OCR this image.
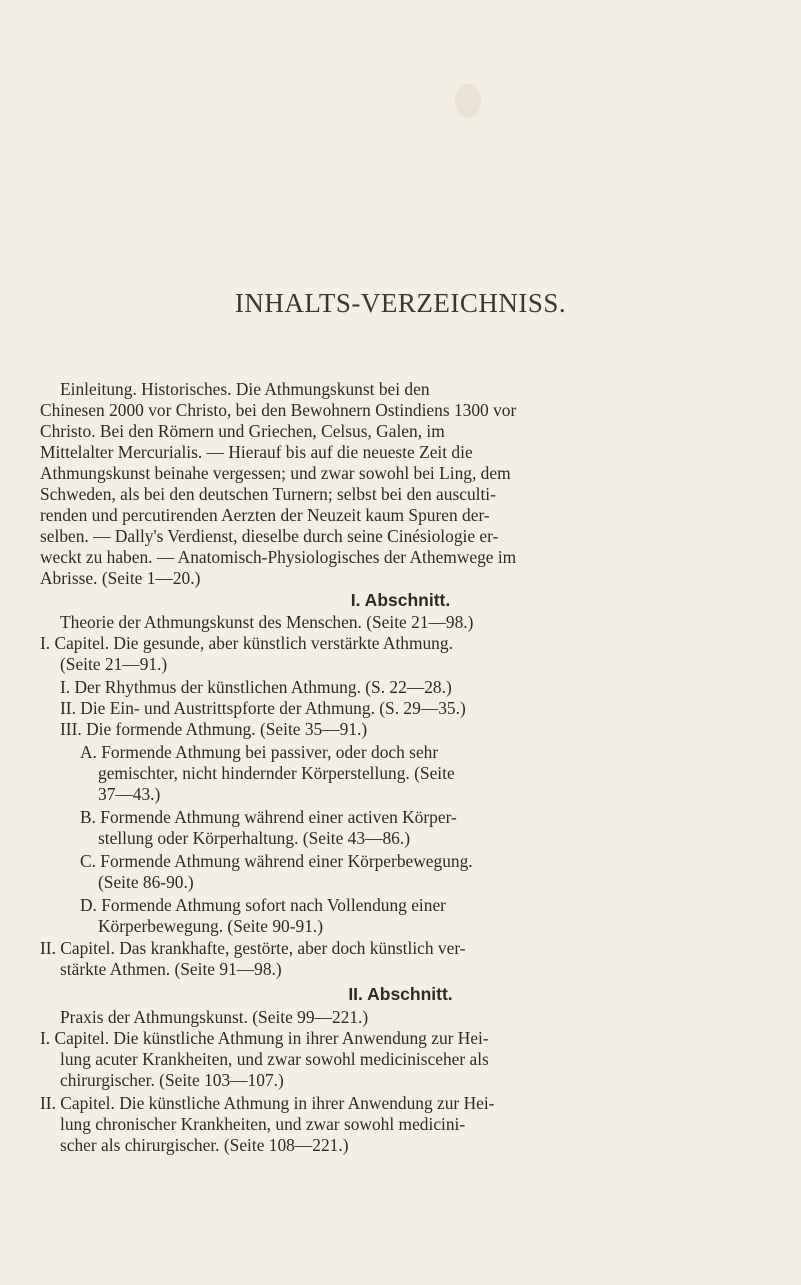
INHALTS-VERZEICHNISS.
Einleitung. Historisches. Die Athmungskunst bei den
Chinesen 2000 vor Christo, bei den Bewohnern Ostindiens 1300 vor
Christo. Bei den Römern und Griechen, Celsus, Galen, im
Mittelalter Mercurialis. — Hierauf bis auf die neueste Zeit die
Athmungskunst beinahe vergessen; und zwar sowohl bei Ling, dem
Schweden, als bei den deutschen Turnern; selbst bei den ausculti-
renden und percutirenden Aerzten der Neuzeit kaum Spuren der-
selben. — Dally's Verdienst, dieselbe durch seine Cinésiologie er-
weckt zu haben. — Anatomisch-Physiologisches der Athemwege im
Abrisse. (Seite 1—20.)
I. Abschnitt.
Theorie der Athmungskunst des Menschen. (Seite 21—98.)
I. Capitel. Die gesunde, aber künstlich verstärkte Athmung.
(Seite 21—91.)
I. Der Rhythmus der künstlichen Athmung. (S. 22—28.)
II. Die Ein- und Austrittspforte der Athmung. (S. 29—35.)
III. Die formende Athmung. (Seite 35—91.)
A. Formende Athmung bei passiver, oder doch sehr
gemischter, nicht hindernder Körperstellung. (Seite
37—43.)
B. Formende Athmung während einer activen Körper-
stellung oder Körperhaltung. (Seite 43—86.)
C. Formende Athmung während einer Körperbewegung.
(Seite 86-90.)
D. Formende Athmung sofort nach Vollendung einer
Körperbewegung. (Seite 90-91.)
II. Capitel. Das krankhafte, gestörte, aber doch künstlich ver-
stärkte Athmen. (Seite 91—98.)
II. Abschnitt.
Praxis der Athmungskunst. (Seite 99—221.)
I. Capitel. Die künstliche Athmung in ihrer Anwendung zur Hei-
lung acuter Krankheiten, und zwar sowohl medicinisceher als
chirurgischer. (Seite 103—107.)
II. Capitel. Die künstliche Athmung in ihrer Anwendung zur Hei-
lung chronischer Krankheiten, und zwar sowohl medicini-
scher als chirurgischer. (Seite 108—221.)
